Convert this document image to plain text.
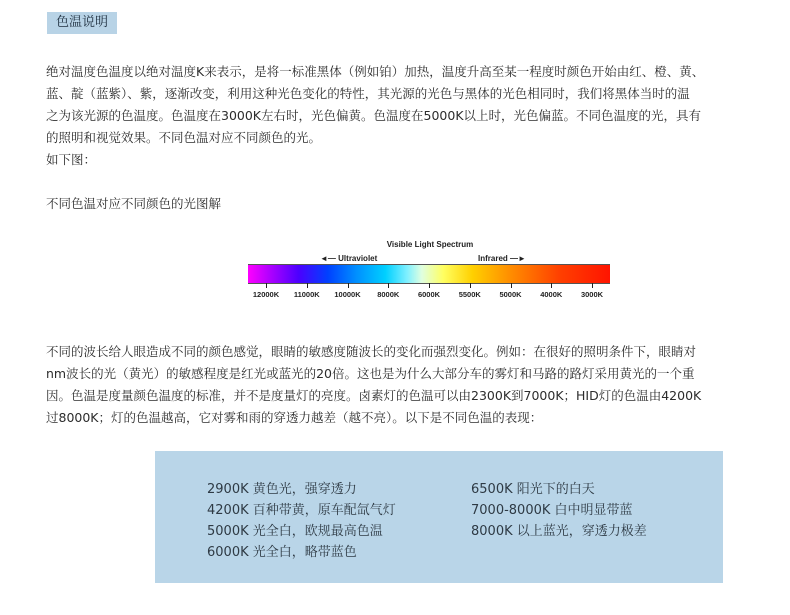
色温说明
绝对温度色温度以绝对温度K来表示，是将一标准黑体（例如铂）加热，温度升高至某一程度时颜色开始由红、橙、黄、
蓝、靛（蓝紫）、紫，逐渐改变，利用这种光色变化的特性，其光源的光色与黑体的光色相同时，我们将黑体当时的温
之为该光源的色温度。色温度在3000K左右时，光色偏黄。色温度在5000K以上时，光色偏蓝。不同色温度的光，具有
的照明和视觉效果。不同色温对应不同颜色的光。
如下图：
不同色温对应不同颜色的光图解
Visible Light Spectrum
◄— Ultraviolet	Infrared —►
12000K 11000K 10000K 8000K 6000K 5500K 5000K 4000K 3000K
不同的波长给人眼造成不同的颜色感觉，眼睛的敏感度随波长的变化而强烈变化。例如：在很好的照明条件下，眼睛对
nm波长的光（黄光）的敏感程度是红光或蓝光的20倍。这也是为什么大部分车的雾灯和马路的路灯采用黄光的一个重
因。色温是度量颜色温度的标准，并不是度量灯的亮度。卤素灯的色温可以由2300K到7000K；HID灯的色温由4200K
过8000K；灯的色温越高，它对雾和雨的穿透力越差（越不亮）。以下是不同色温的表现：
2900K 黄色光，强穿透力
4200K 百种带黄，原车配氙气灯
5000K 光全白，欧规最高色温
6000K 光全白，略带蓝色
6500K 阳光下的白天
7000-8000K 白中明显带蓝
8000K 以上蓝光，穿透力极差
